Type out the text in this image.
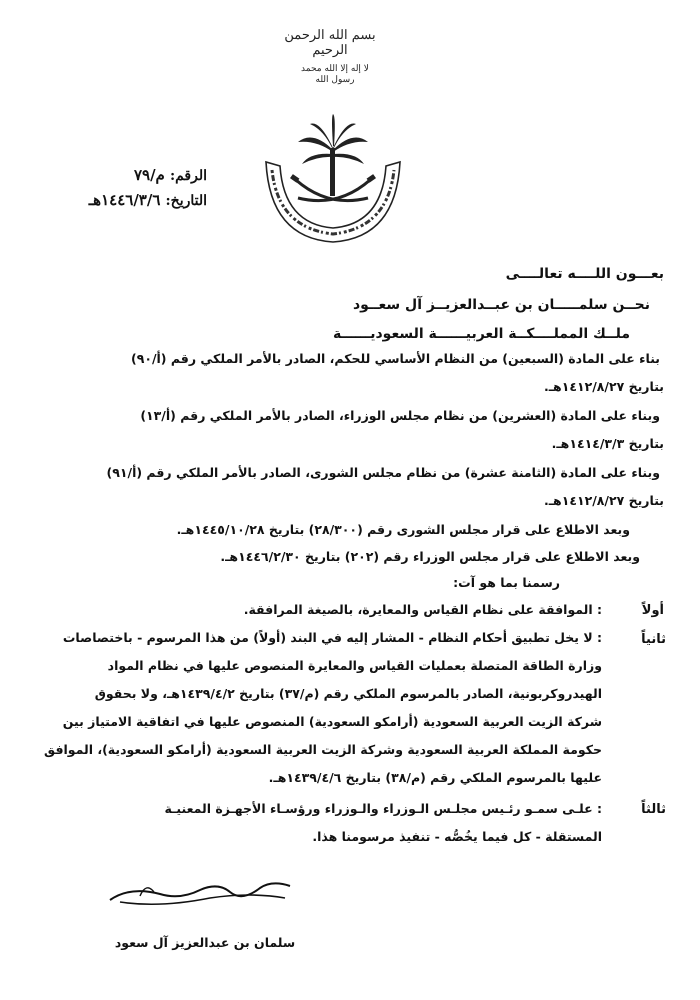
بسم الله الرحمن الرحيم
لا إله إلا الله محمد رسول الله
الرقم: م/٧٩
التاريخ: ١٤٤٦/٣/٦هـ
بعـــون اللــــه تعالــــى
نحــن سلمـــــان بن عبــدالعزيــز آل سعــود
ملــك المملــــكــة العربيــــــة السعوديــــــة
بناء على المادة (السبعين) من النظام الأساسي للحكم، الصادر بالأمر الملكي رقم (أ/٩٠)
بتاريخ ١٤١٢/٨/٢٧هـ.
وبناء على المادة (العشرين) من نظام مجلس الوزراء، الصادر بالأمر الملكي رقم (أ/١٣)
بتاريخ ١٤١٤/٣/٣هـ.
وبناء على المادة (الثامنة عشرة) من نظام مجلس الشورى، الصادر بالأمر الملكي رقم (أ/٩١)
بتاريخ ١٤١٢/٨/٢٧هـ.
وبعد الاطلاع على قرار مجلس الشورى رقم (٢٨/٣٠٠) بتاريخ ١٤٤٥/١٠/٢٨هـ.
وبعد الاطلاع على قرار مجلس الوزراء رقم (٢٠٢) بتاريخ ١٤٤٦/٢/٣٠هـ.
رسمنا بما هو آت:
أولاً
: الموافقة على نظام القياس والمعايرة، بالصيغة المرافقة.
ثانياً
: لا يخل تطبيق أحكام النظام - المشار إليه في البند (أولاً) من هذا المرسوم - باختصاصات
وزارة الطاقة المتصلة بعمليات القياس والمعايرة المنصوص عليها في نظام المواد
الهيدروكربونية، الصادر بالمرسوم الملكي رقم (م/٣٧) بتاريخ ١٤٣٩/٤/٢هـ، ولا بحقوق
شركة الزيت العربية السعودية (أرامكو السعودية) المنصوص عليها في اتفاقية الامتياز بين
حكومة المملكة العربية السعودية وشركة الزيت العربية السعودية (أرامكو السعودية)، الموافق
عليها بالمرسوم الملكي رقم (م/٣٨) بتاريخ ١٤٣٩/٤/٦هـ.
ثالثاً
: علـى سمـو رئـيس مجلـس الـوزراء والـوزراء ورؤسـاء الأجهـزة المعنيـة
المستقلة - كل فيما يخُصُّه - تنفيذ مرسومنا هذا.
سلمان بن عبدالعزيز آل سعود
